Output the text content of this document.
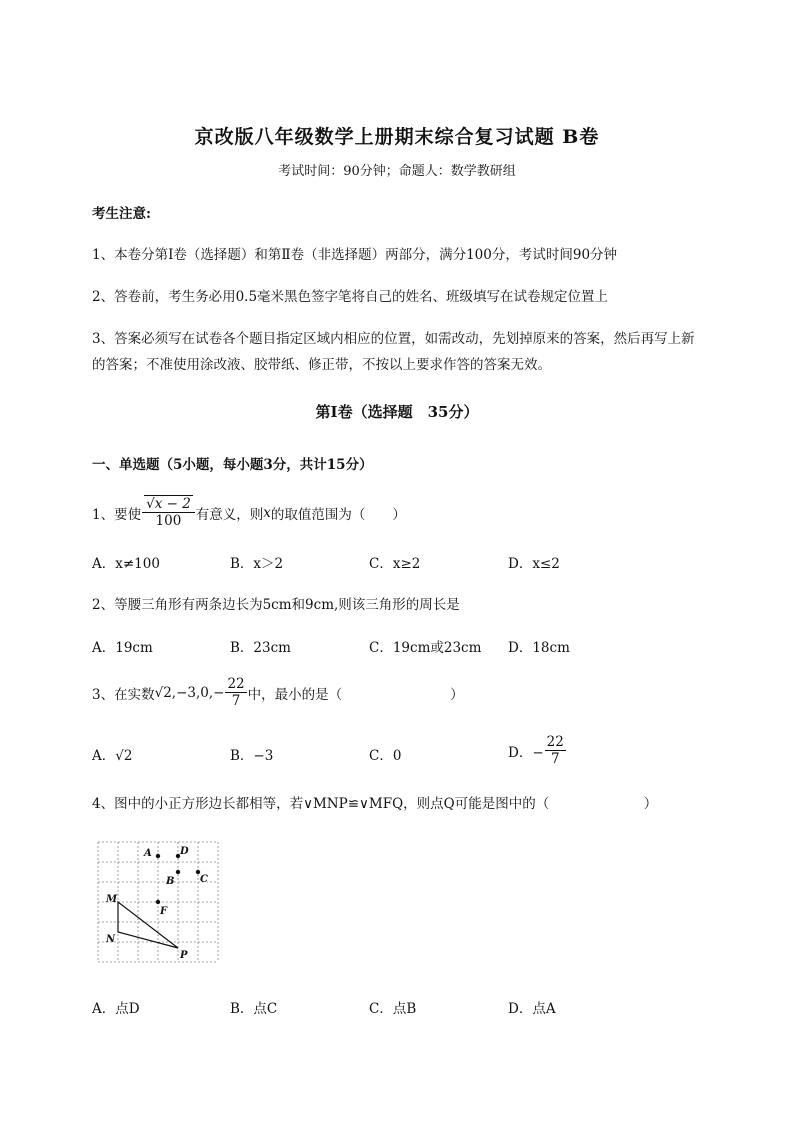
京改版八年级数学上册期末综合复习试题 B卷
考试时间：90分钟；命题人：数学教研组
考生注意:
1、本卷分第I卷（选择题）和第Ⅱ卷（非选择题）两部分，满分100分，考试时间90分钟
2、答卷前，考生务必用0.5毫米黑色签字笔将自己的姓名、班级填写在试卷规定位置上
3、答案必须写在试卷各个题目指定区域内相应的位置，如需改动，先划掉原来的答案，然后再写上新
的答案；不准使用涂改液、胶带纸、修正带，不按以上要求作答的答案无效。
第I卷（选择题　35分）
一、单选题（5小题，每小题3分，共计15分）
1、要使 $\frac{√x - 2}{100}$ 有意义，则 x 的取值范围为（　　）
A．x≠100	B．x＞2	C．x≥2	D．x≤2
2、等腰三角形有两条边长为5cm和9cm,则该三角形的周长是
A．19cm	B．23cm	C．19cm或23cm D．18cm
3、在实数 $√2,-3,0,- \frac{22}{7}$ 中，最小的是（　　　　　　　　）
A．√2	B．−3	C．0	D．− $\frac{22}{7}$
4、图中的小正方形边长都相等，若∨MNP≌∨MFQ，则点Q可能是图中的（　　　　　　　）
A	D
B	C
M
F
N
P
A．点D	B．点C	C．点B	D．点A
